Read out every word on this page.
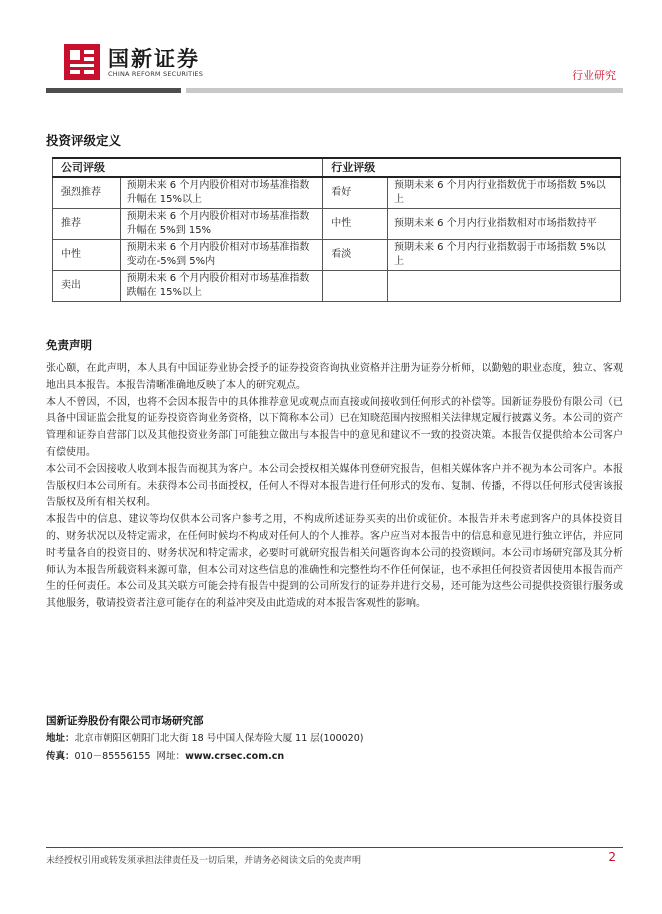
国新证券
CHINA REFORM SECURITIES	行业研究
投资评级定义
公司评级		行业评级	
强烈推荐	预期未来 6 个月内股价相对市场基准指数升幅在 15%以上	看好	预期未来 6 个月内行业指数优于市场指数 5%以上
推荐	预期未来 6 个月内股价相对市场基准指数升幅在 5%到 15%	中性	预期未来 6 个月内行业指数相对市场指数持平
中性	预期未来 6 个月内股价相对市场基准指数变动在-5%到 5%内	看淡	预期未来 6 个月内行业指数弱于市场指数 5%以上
卖出	预期未来 6 个月内股价相对市场基准指数跌幅在 15%以上		
免责声明

张心颐，在此声明，本人具有中国证券业协会授予的证券投资咨询执业资格并注册为证券分析师，以勤勉的职业态度，独立、客观地出具本报告。本报告清晰准确地反映了本人的研究观点。

本人不曾因，不因，也将不会因本报告中的具体推荐意见或观点而直接或间接收到任何形式的补偿等。国新证券股份有限公司（已具备中国证监会批复的证券投资咨询业务资格，以下简称本公司）已在知晓范围内按照相关法律规定履行披露义务。本公司的资产管理和证券自营部门以及其他投资业务部门可能独立做出与本报告中的意见和建议不一致的投资决策。本报告仅提供给本公司客户有偿使用。

本公司不会因接收人收到本报告而视其为客户。本公司会授权相关媒体刊登研究报告，但相关媒体客户并不视为本公司客户。本报告版权归本公司所有。未获得本公司书面授权，任何人不得对本报告进行任何形式的发布、复制、传播，不得以任何形式侵害该报告版权及所有相关权利。

本报告中的信息、建议等均仅供本公司客户参考之用，不构成所述证券买卖的出价或征价。本报告并未考虑到客户的具体投资目的、财务状况以及特定需求，在任何时候均不构成对任何人的个人推荐。客户应当对本报告中的信息和意见进行独立评估，并应同时考量各自的投资目的、财务状况和特定需求，必要时可就研究报告相关问题咨询本公司的投资顾问。本公司市场研究部及其分析师认为本报告所载资料来源可靠，但本公司对这些信息的准确性和完整性均不作任何保证，也不承担任何投资者因使用本报告而产生的任何责任。本公司及其关联方可能会持有报告中提到的公司所发行的证券并进行交易，还可能为这些公司提供投资银行服务或其他服务，敬请投资者注意可能存在的利益冲突及由此造成的对本报告客观性的影响。

国新证券股份有限公司市场研究部
地址：北京市朝阳区朝阳门北大街 18 号中国人保寿险大厦 11 层(100020)
传真：010－85556155 网址：www.crsec.com.cn
未经授权引用或转发须承担法律责任及一切后果，并请务必阅读文后的免责声明	2
